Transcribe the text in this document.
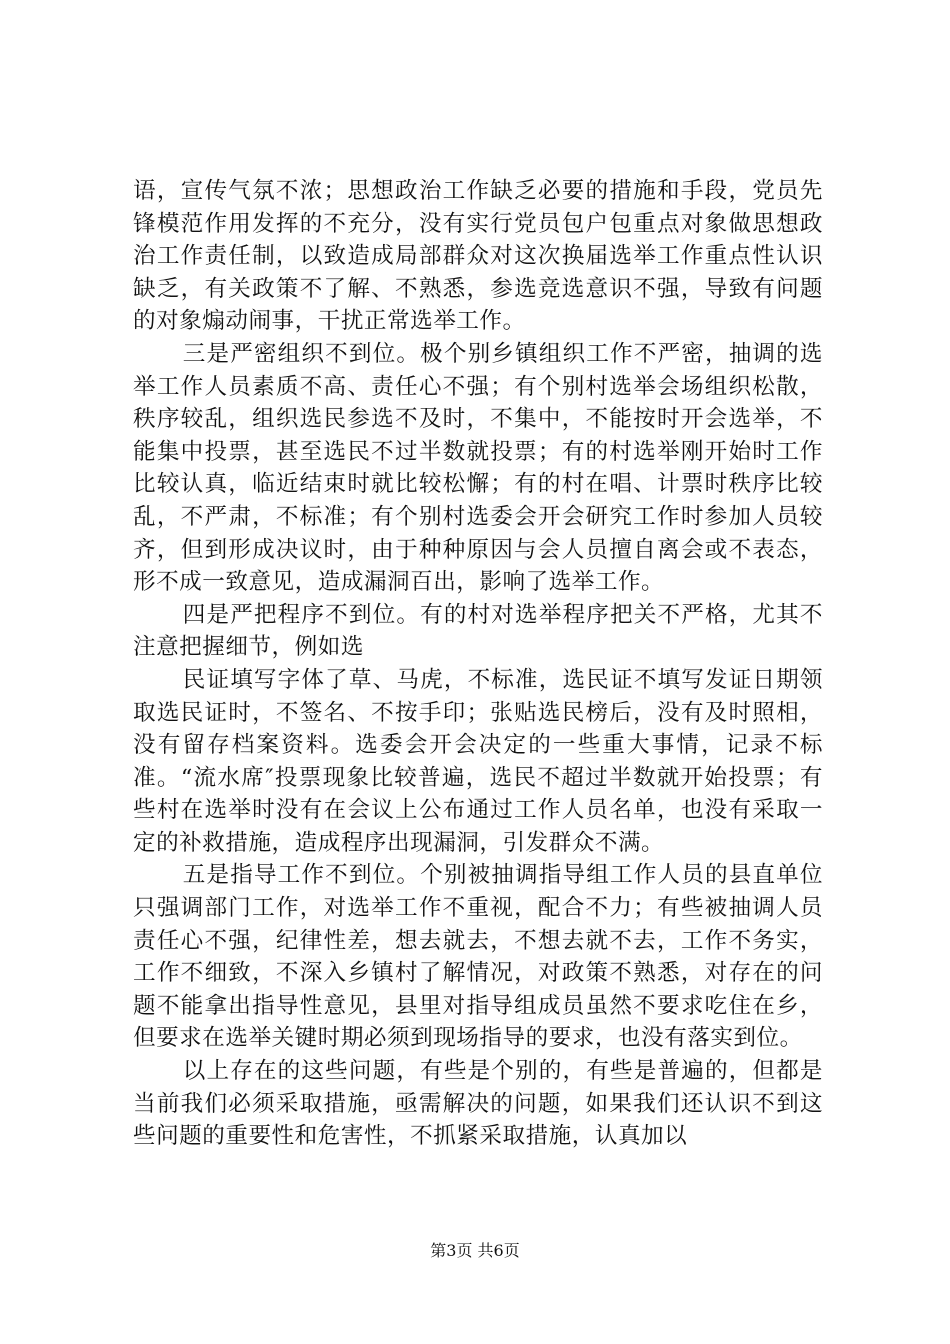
语，宣传气氛不浓；思想政治工作缺乏必要的措施和手段，党员先锋模范作用发挥的不充分，没有实行党员包户包重点对象做思想政治工作责任制，以致造成局部群众对这次换届选举工作重点性认识缺乏，有关政策不了解、不熟悉，参选竞选意识不强，导致有问题的对象煽动闹事，干扰正常选举工作。

三是严密组织不到位。极个别乡镇组织工作不严密，抽调的选举工作人员素质不高、责任心不强；有个别村选举会场组织松散，秩序较乱，组织选民参选不及时，不集中，不能按时开会选举，不能集中投票，甚至选民不过半数就投票；有的村选举刚开始时工作比较认真，临近结束时就比较松懈；有的村在唱、计票时秩序比较乱，不严肃，不标准；有个别村选委会开会研究工作时参加人员较齐，但到形成决议时，由于种种原因与会人员擅自离会或不表态，形不成一致意见，造成漏洞百出，影响了选举工作。

四是严把程序不到位。有的村对选举程序把关不严格，尤其不注意把握细节，例如选

民证填写字体了草、马虎，不标准，选民证不填写发证日期领取选民证时，不签名、不按手印；张贴选民榜后，没有及时照相，没有留存档案资料。选委会开会决定的一些重大事情，记录不标准。“流水席″投票现象比较普遍，选民不超过半数就开始投票；有些村在选举时没有在会议上公布通过工作人员名单，也没有采取一定的补救措施，造成程序出现漏洞，引发群众不满。

五是指导工作不到位。个别被抽调指导组工作人员的县直单位只强调部门工作，对选举工作不重视，配合不力；有些被抽调人员责任心不强，纪律性差，想去就去，不想去就不去，工作不务实，工作不细致，不深入乡镇村了解情况，对政策不熟悉，对存在的问题不能拿出指导性意见，县里对指导组成员虽然不要求吃住在乡，但要求在选举关键时期必须到现场指导的要求，也没有落实到位。

以上存在的这些问题，有些是个别的，有些是普遍的，但都是当前我们必须采取措施，亟需解决的问题，如果我们还认识不到这些问题的重要性和危害性，不抓紧采取措施，认真加以

第3页 共6页
